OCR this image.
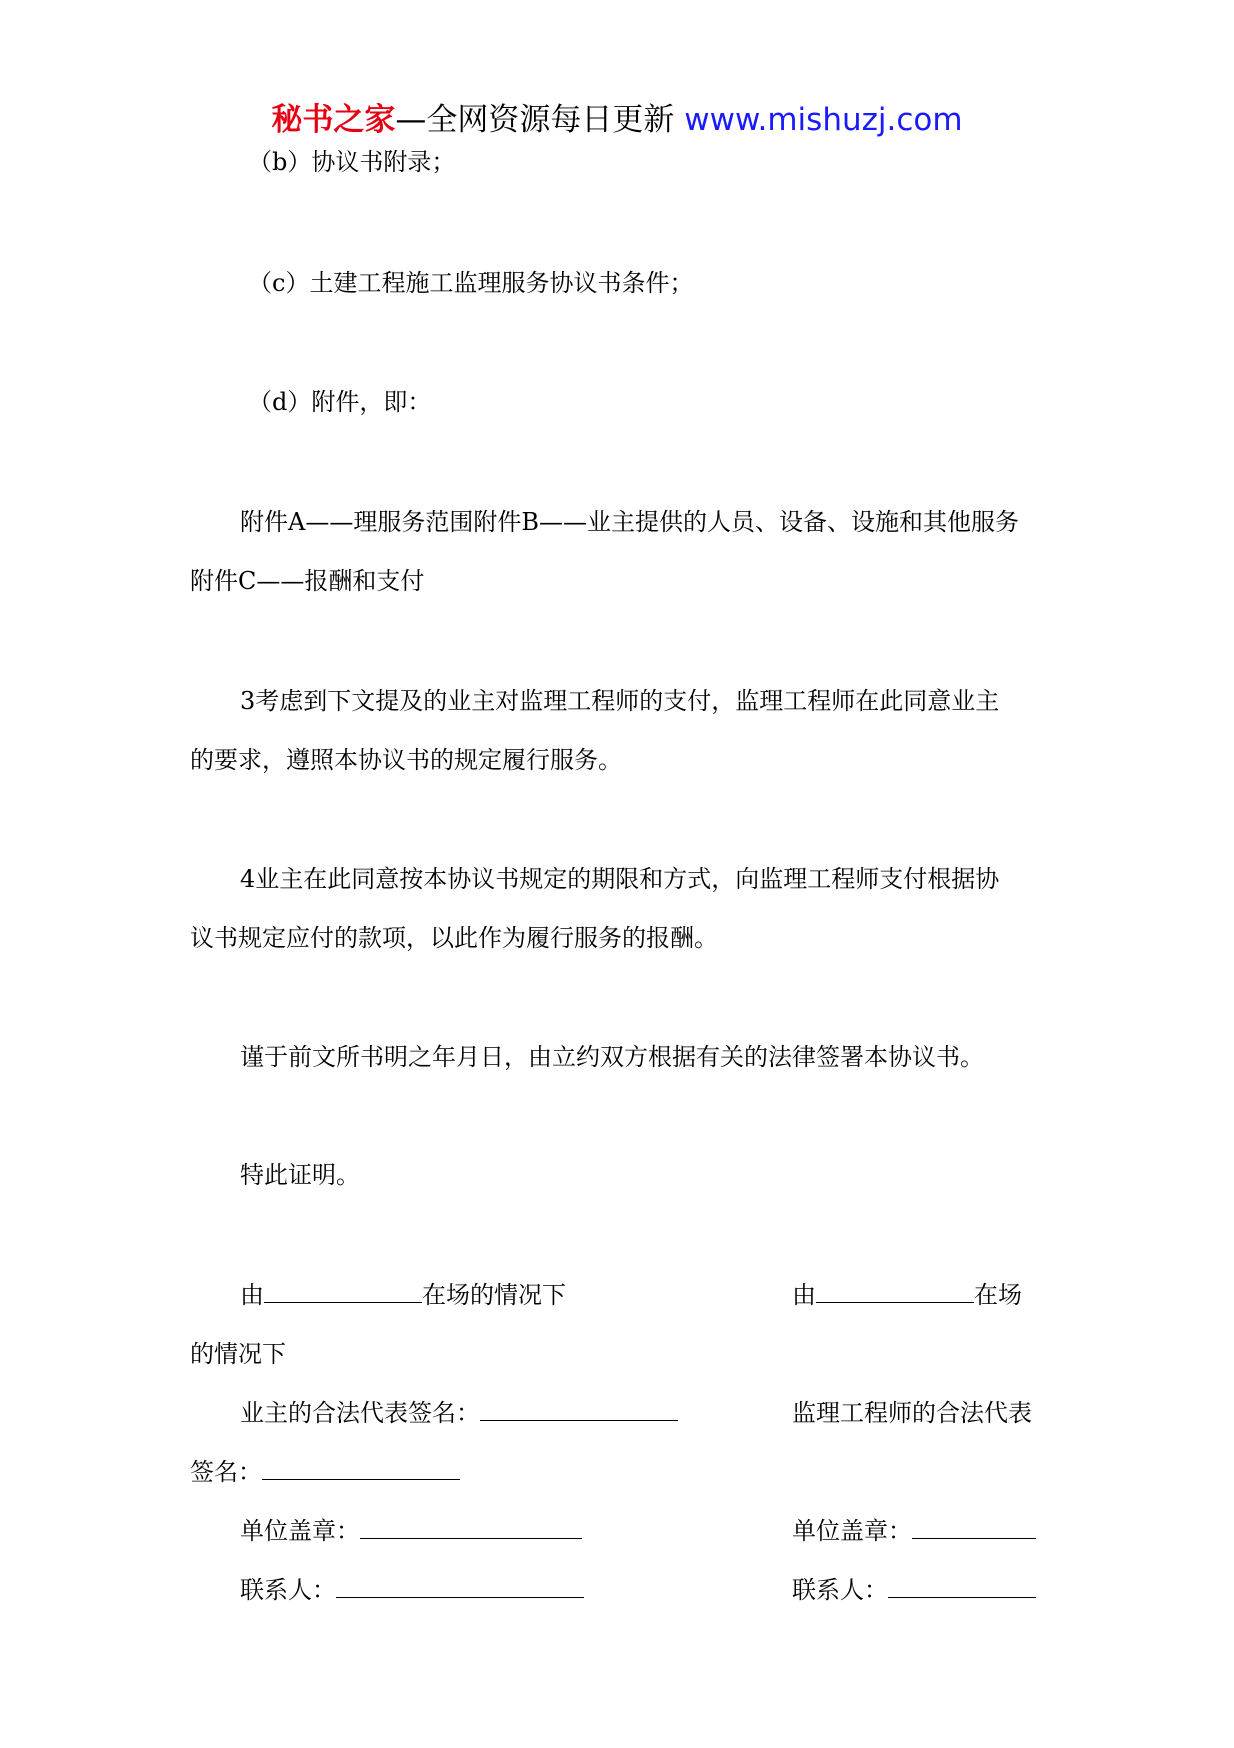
秘书之家—全网资源每日更新 www.mishuzj.com
（b）协议书附录；
（c）土建工程施工监理服务协议书条件；
（d）附件，即：
附件A——理服务范围附件B——业主提供的人员、设备、设施和其他服务
附件C——报酬和支付
3考虑到下文提及的业主对监理工程师的支付，监理工程师在此同意业主
的要求，遵照本协议书的规定履行服务。
4业主在此同意按本协议书规定的期限和方式，向监理工程师支付根据协
议书规定应付的款项，以此作为履行服务的报酬。
谨于前文所书明之年月日，由立约双方根据有关的法律签署本协议书。
特此证明。
由	在场的情况下	由	在场
的情况下
业主的合法代表签名：	监理工程师的合法代表
签名：
单位盖章：	单位盖章：
联系人：	联系人：
